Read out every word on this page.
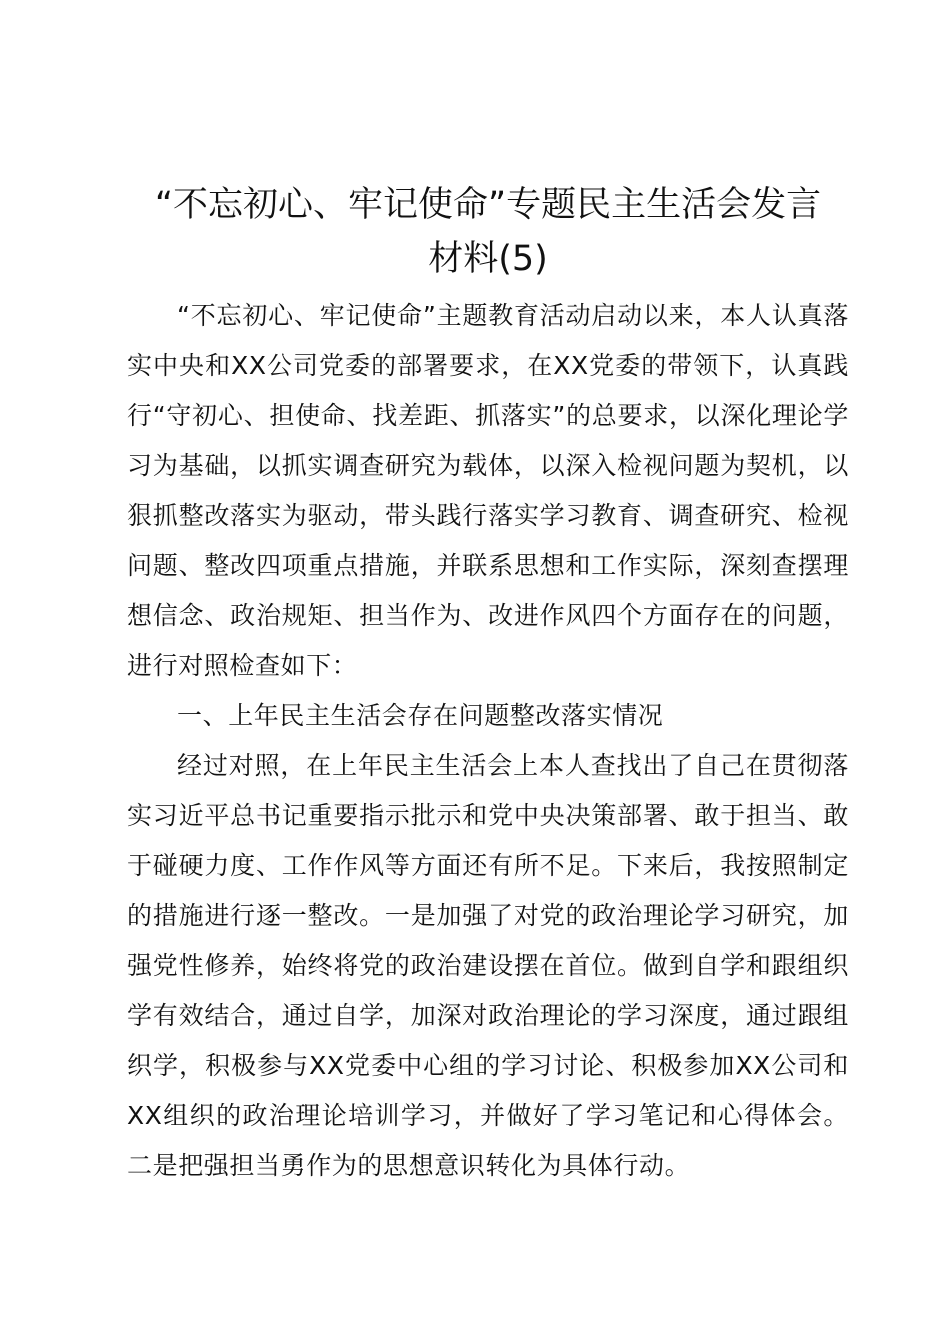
“不忘初心、牢记使命”专题民主生活会发言
材料(5)

“不忘初心、牢记使命”主题教育活动启动以来，本人认真落实中央和XX公司党委的部署要求，在XX党委的带领下，认真践行“守初心、担使命、找差距、抓落实”的总要求，以深化理论学习为基础，以抓实调查研究为载体，以深入检视问题为契机，以狠抓整改落实为驱动，带头践行落实学习教育、调查研究、检视问题、整改四项重点措施，并联系思想和工作实际，深刻查摆理想信念、政治规矩、担当作为、改进作风四个方面存在的问题，进行对照检查如下：

一、上年民主生活会存在问题整改落实情况

经过对照，在上年民主生活会上本人查找出了自己在贯彻落实习近平总书记重要指示批示和党中央决策部署、敢于担当、敢于碰硬力度、工作作风等方面还有所不足。下来后，我按照制定的措施进行逐一整改。一是加强了对党的政治理论学习研究，加强党性修养，始终将党的政治建设摆在首位。做到自学和跟组织学有效结合，通过自学，加深对政治理论的学习深度，通过跟组织学，积极参与XX党委中心组的学习讨论、积极参加XX公司和XX组织的政治理论培训学习，并做好了学习笔记和心得体会。二是把强担当勇作为的思想意识转化为具体行动。
